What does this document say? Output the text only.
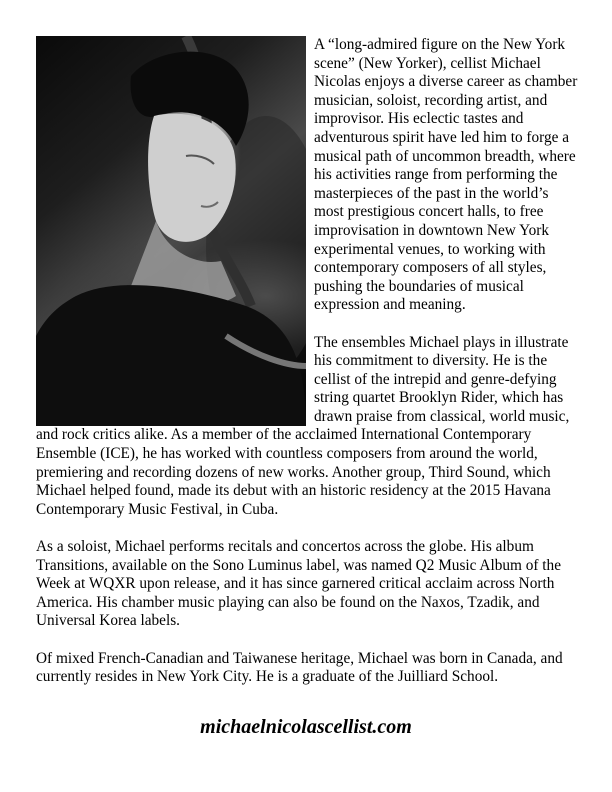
A “long-admired figure on the New York scene” (New Yorker), cellist Michael Nicolas enjoys a diverse career as chamber musician, soloist, recording artist, and improvisor. His eclectic tastes and adventurous spirit have led him to forge a musical path of uncommon breadth, where his activities range from performing the masterpieces of the past in the world’s most prestigious concert halls, to free improvisation in downtown New York experimental venues, to working with contemporary composers of all styles, pushing the boundaries of musical expression and meaning.

The ensembles Michael plays in illustrate his commitment to diversity. He is the cellist of the intrepid and genre-defying string quartet Brooklyn Rider, which has drawn praise from classical, world music, and rock critics alike. As a member of the acclaimed International Contemporary Ensemble (ICE), he has worked with countless composers from around the world, premiering and recording dozens of new works. Another group, Third Sound, which Michael helped found, made its debut with an historic residency at the 2015 Havana Contemporary Music Festival, in Cuba.

As a soloist, Michael performs recitals and concertos across the globe. His album Transitions, available on the Sono Luminus label, was named Q2 Music Album of the Week at WQXR upon release, and it has since garnered critical acclaim across North America. His chamber music playing can also be found on the Naxos, Tzadik, and Universal Korea labels.

Of mixed French-Canadian and Taiwanese heritage, Michael was born in Canada, and currently resides in New York City. He is a graduate of the Juilliard School.

michaelnicolascellist.com
